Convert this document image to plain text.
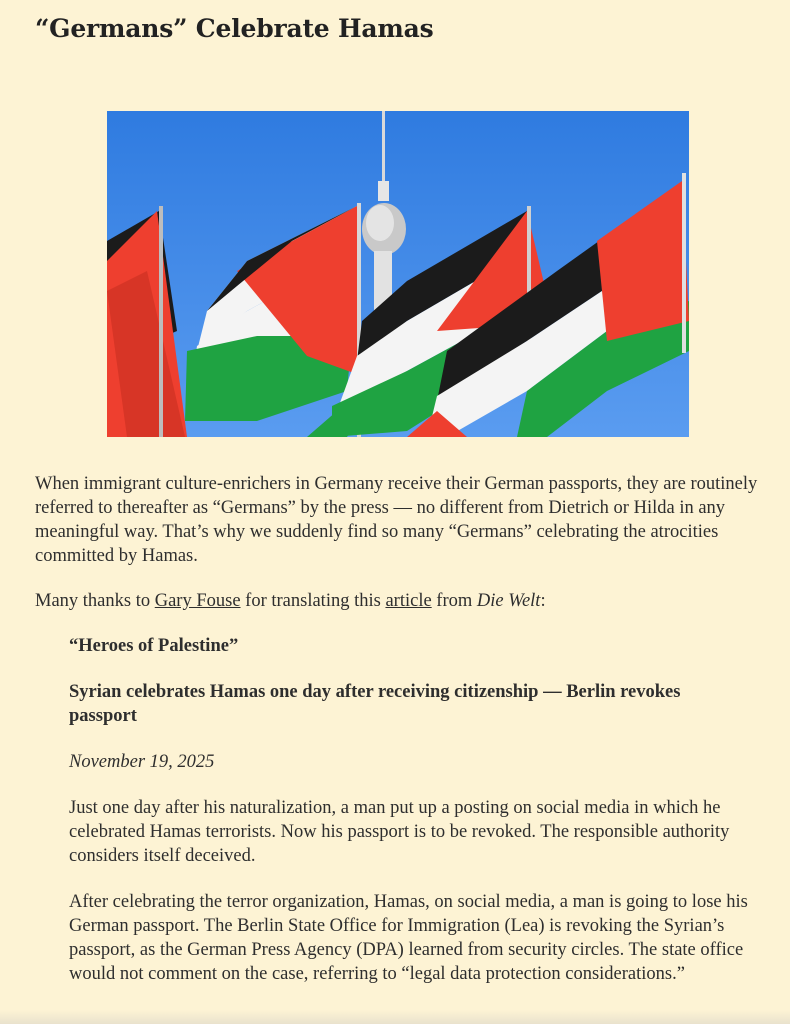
“Germans” Celebrate Hamas

When immigrant culture-enrichers in Germany receive their German passports, they are routinely referred to thereafter as “Germans” by the press — no different from Dietrich or Hilda in any meaningful way. That’s why we suddenly find so many “Germans” celebrating the atrocities committed by Hamas.

Many thanks to Gary Fouse for translating this article from Die Welt:

“Heroes of Palestine”

Syrian celebrates Hamas one day after receiving citizenship — Berlin revokes passport

November 19, 2025

Just one day after his naturalization, a man put up a posting on social media in which he celebrated Hamas terrorists. Now his passport is to be revoked. The responsible authority considers itself deceived.

After celebrating the terror organization, Hamas, on social media, a man is going to lose his German passport. The Berlin State Office for Immigration (Lea) is revoking the Syrian’s passport, as the German Press Agency (DPA) learned from security circles. The state office would not comment on the case, referring to “legal data protection considerations.”
